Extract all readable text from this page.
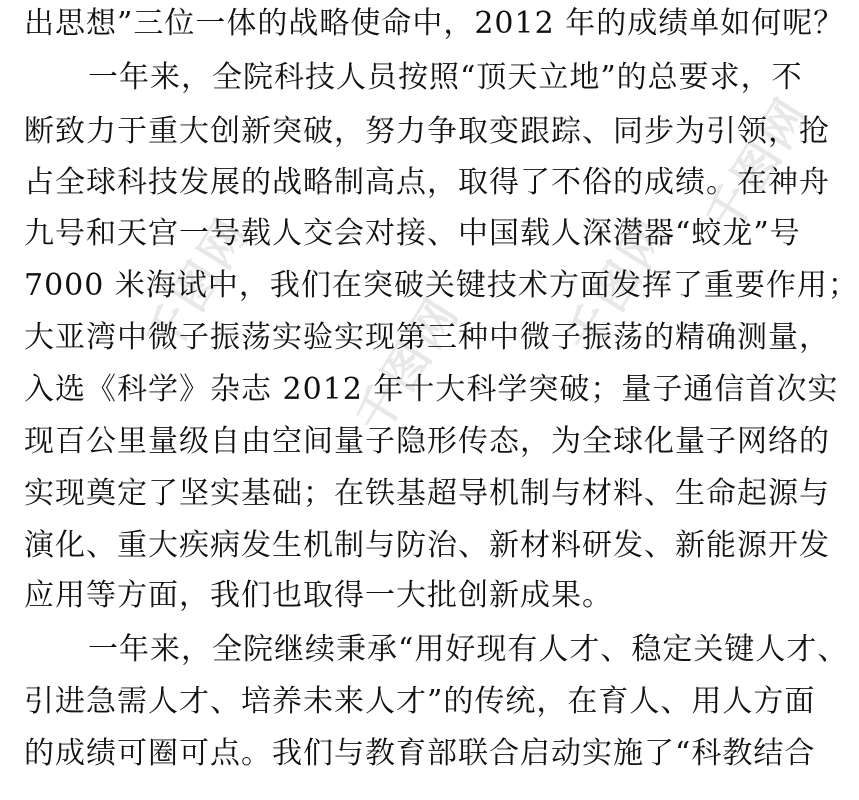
千图网
千图网
千图网
千图网
出思想”三位一体的战略使命中，2012 年的成绩单如何呢？
一年来，全院科技人员按照“顶天立地”的总要求，不
断致力于重大创新突破，努力争取变跟踪、同步为引领，抢
占全球科技发展的战略制高点，取得了不俗的成绩。在神舟
九号和天宫一号载人交会对接、中国载人深潜器“蛟龙”号
7000 米海试中，我们在突破关键技术方面发挥了重要作用；
大亚湾中微子振荡实验实现第三种中微子振荡的精确测量，
入选《科学》杂志 2012 年十大科学突破；量子通信首次实
现百公里量级自由空间量子隐形传态，为全球化量子网络的
实现奠定了坚实基础；在铁基超导机制与材料、生命起源与
演化、重大疾病发生机制与防治、新材料研发、新能源开发
应用等方面，我们也取得一大批创新成果。
一年来，全院继续秉承“用好现有人才、稳定关键人才、
引进急需人才、培养未来人才”的传统，在育人、用人方面
的成绩可圈可点。我们与教育部联合启动实施了“科教结合
